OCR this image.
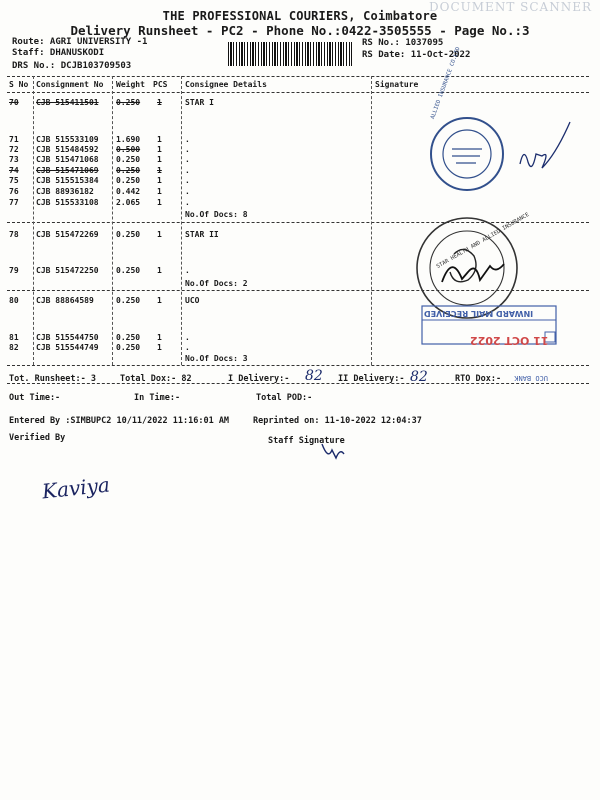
DOCUMENT SCANNER
THE PROFESSIONAL COURIERS, Coimbatore
Delivery Runsheet - PC2 - Phone No.:0422-3505555 - Page No.:3
Route: AGRI UNIVERSITY -1
Staff: DHANUSKODI
DRS No.: DCJB103709503
RS No.: 1037095
RS Date: 11-Oct-2022
S No Consignment No Weight PCS Consignee Details	Signature
70 CJB 515411501 0.250 1	STAR I
71 CJB 515533109 1.690 1	.
72 CJB 515484592 0.500 1	.
73 CJB 515471068 0.250 1	.
74 CJB 515471069 0.250 1	.
75 CJB 515515384 0.250 1	.
76 CJB 88936182	0.442 1	.
77 CJB 515533108 2.065 1	.
No.Of Docs: 8
78 CJB 515472269 0.250 1	STAR II
79 CJB 515472250 0.250 1	.
No.Of Docs: 2
80 CJB 88864589	0.250 1	UCO
81 CJB 515544750 0.250 1	.
82 CJB 515544749 0.250 1	.
No.Of Docs: 3
UCO BANK
ALLIED INSURANCE CO.LTD
STAR HEALTH AND ALLIED INSURANCE
INWARD MAIL RECEIVED
11 OCT 2022
Tot. Runsheet:- 3	Total Dox:- 82	I Delivery:- 82 II Delivery:- 82	RTO Dox:-
Out Time:-	In Time:-	Total POD:-
Entered By :SIMBUPC2 10/11/2022 11:16:01 AM	Reprinted on: 11-10-2022 12:04:37
Verified By	Staff Signature
Kaviya
